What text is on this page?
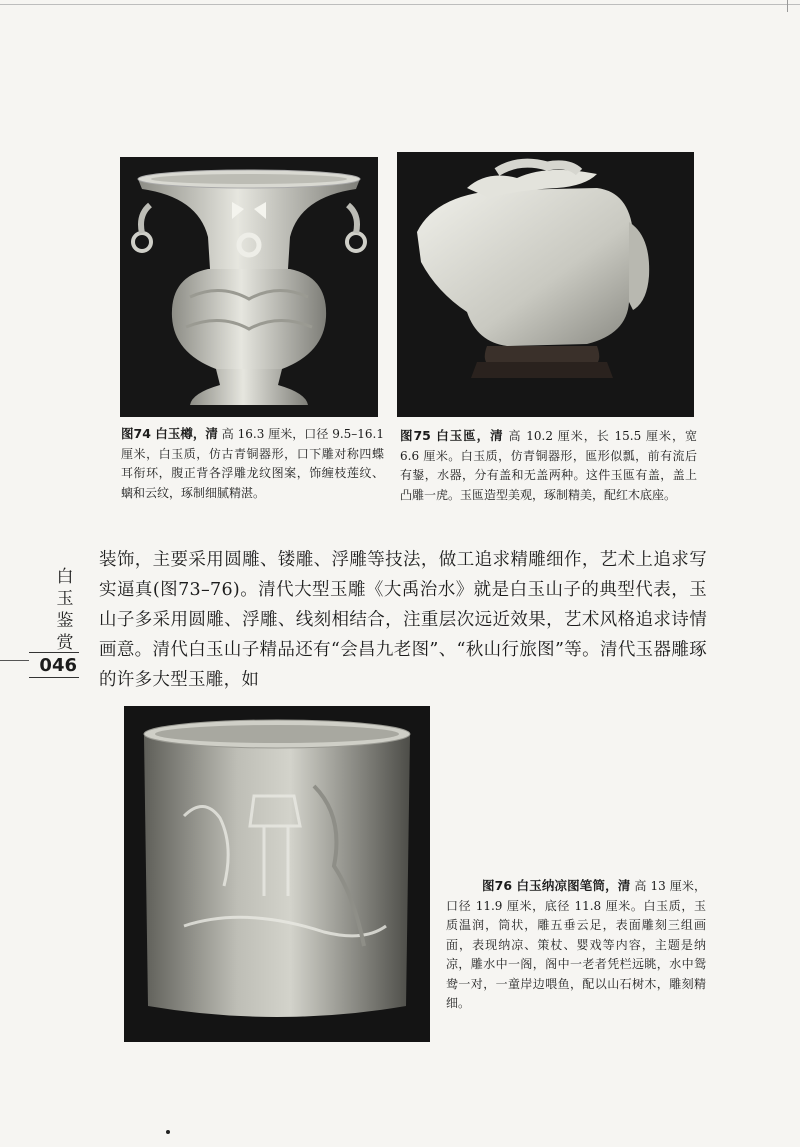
图74 白玉樽，清 高 16.3 厘米，口径 9.5–16.1 厘米，白玉质，仿古青铜器形，口下雕对称四蝶耳衔环，腹正背各浮雕龙纹图案，饰缠枝莲纹、螭和云纹，琢制细腻精湛。
图75 白玉匜，清 高 10.2 厘米，长 15.5 厘米，宽 6.6 厘米。白玉质，仿青铜器形，匜形似瓢，前有流后有鋬，水器，分有盖和无盖两种。这件玉匜有盖，盖上凸雕一虎。玉匜造型美观，琢制精美，配红木底座。
图76 白玉纳凉图笔筒，清 高 13 厘米，口径 11.9 厘米，底径 11.8 厘米。白玉质，玉质温润，筒状，雕五垂云足，表面雕刻三组画面，表现纳凉、策杖、婴戏等内容，主题是纳凉，雕水中一阁，阁中一老者凭栏远眺，水中鸳鸯一对，一童岸边喂鱼，配以山石树木，雕刻精细。
装饰，主要采用圆雕、镂雕、浮雕等技法，做工追求精雕细作，艺术上追求写实逼真(图73–76)。清代大型玉雕《大禹治水》就是白玉山子的典型代表，玉山子多采用圆雕、浮雕、线刻相结合，注重层次远近效果，艺术风格追求诗情画意。清代白玉山子精品还有“会昌九老图”、“秋山行旅图”等。清代玉器雕琢的许多大型玉雕，如
白玉鉴赏
046
